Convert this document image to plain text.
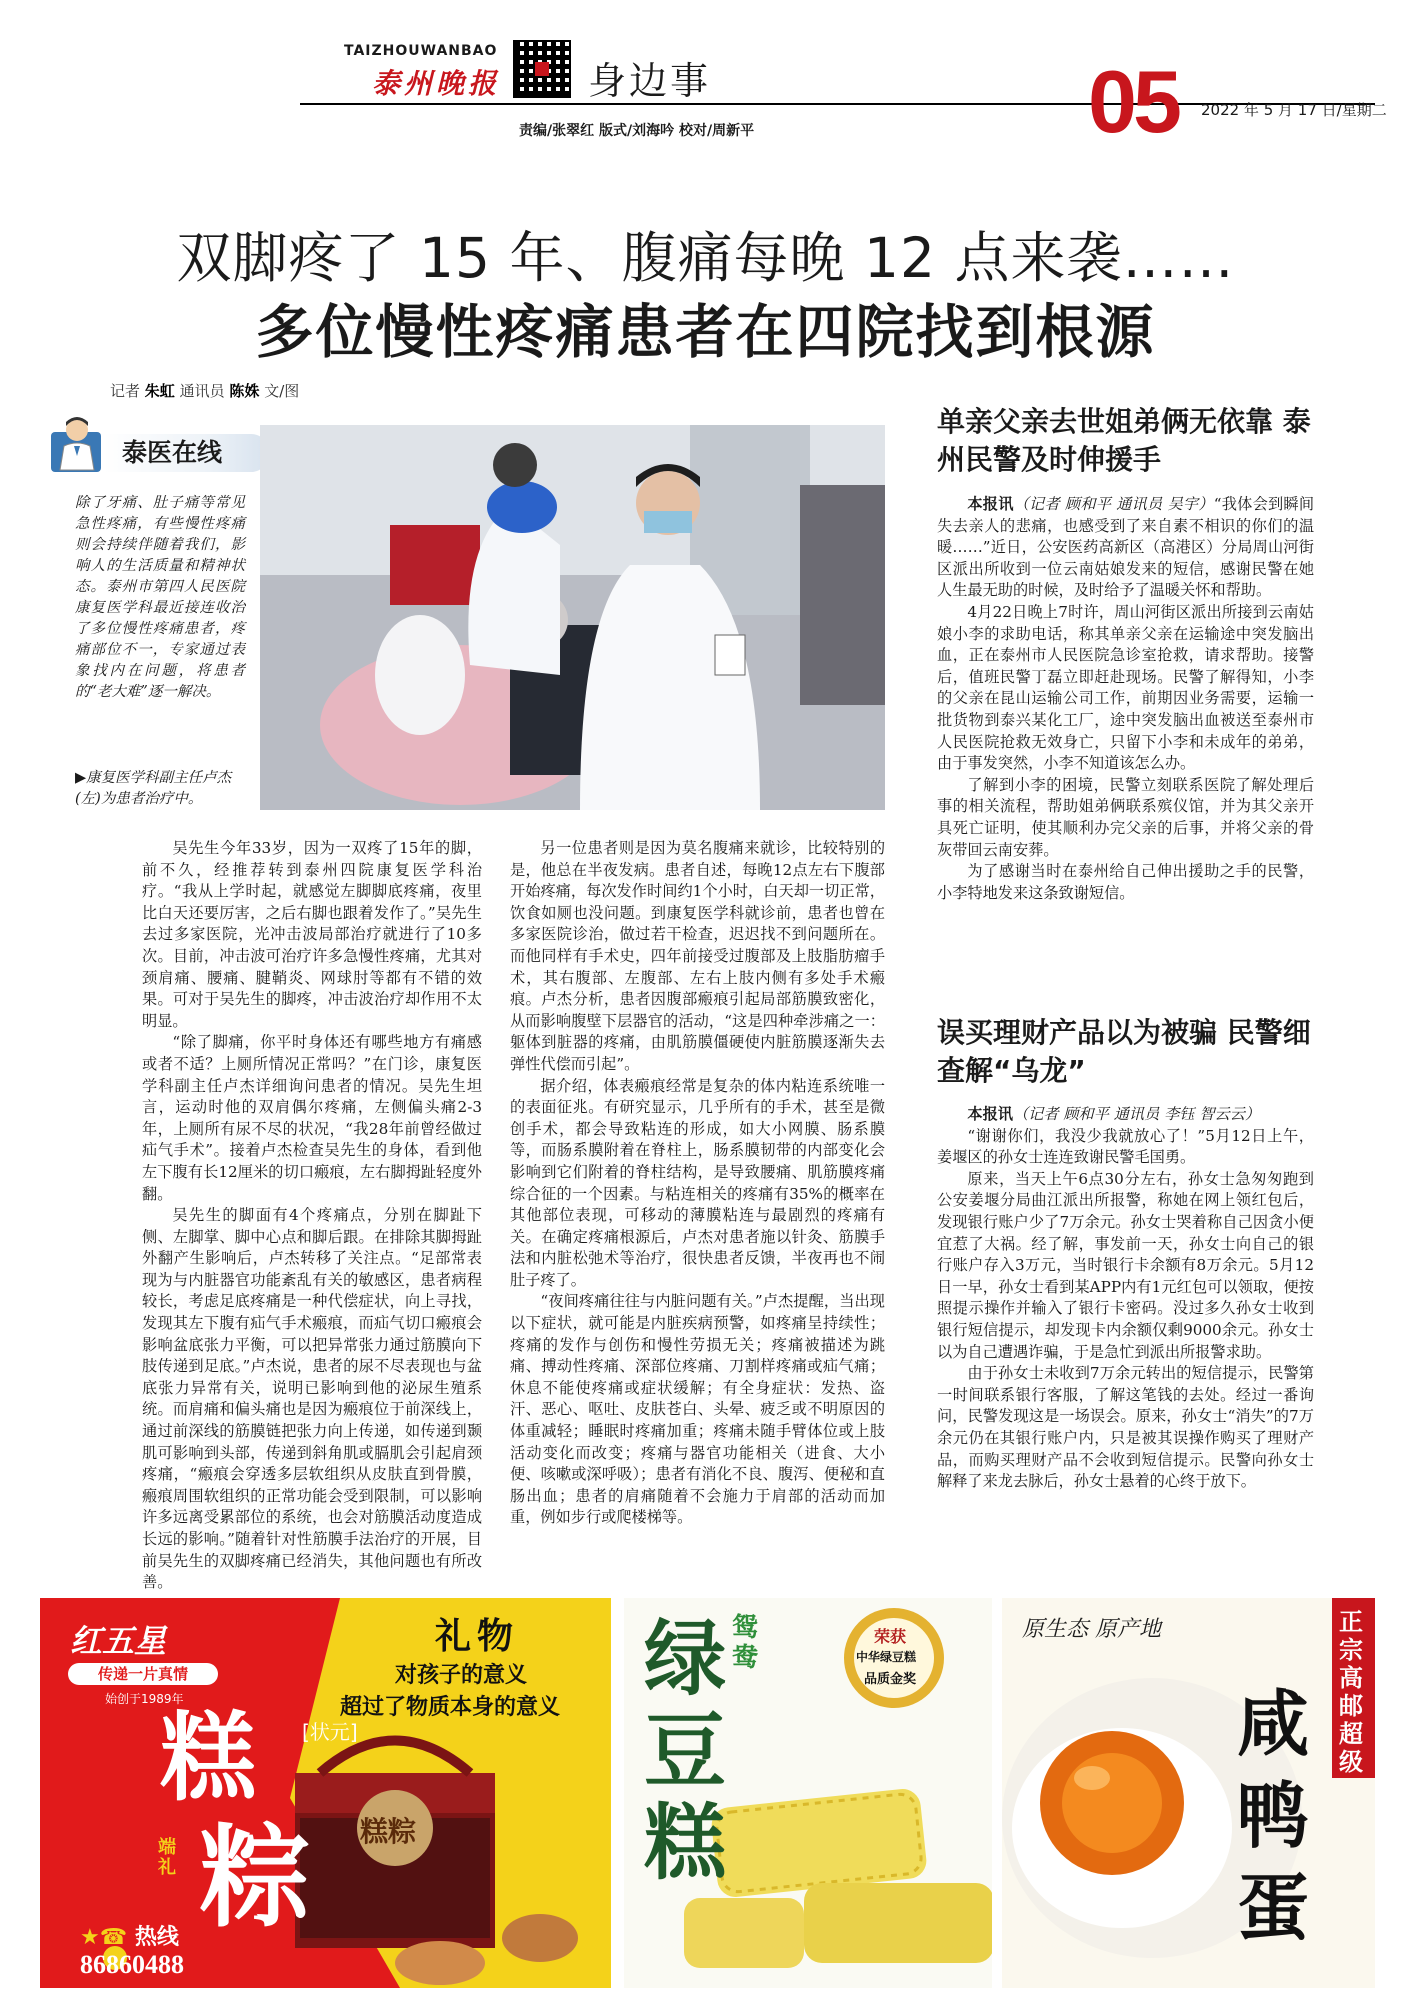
TAIZHOUWANBAO
泰州晚报 身边事
责编/张翠红 版式/刘海吟 校对/周新平	05 2022 年 5 月 17 日/星期二
双脚疼了 15 年、腹痛每晚 12 点来袭……
多位慢性疼痛患者在四院找到根源
记者 朱虹 通讯员 陈姝 文/图
泰医在线

除了牙痛、肚子痛等常见急性疼痛，有些慢性疼痛则会持续伴随着我们，影响人的生活质量和精神状态。泰州市第四人民医院康复医学科最近接连收治了多位慢性疼痛患者，疼痛部位不一，专家通过表象找内在问题，将患者的“老大难”逐一解决。

▶康复医学科副主任卢杰(左)为患者治疗中。

吴先生今年33岁，因为一双疼了15年的脚，前不久，经推荐转到泰州四院康复医学科治疗。“我从上学时起，就感觉左脚脚底疼痛，夜里比白天还要厉害，之后右脚也跟着发作了。”吴先生去过多家医院，光冲击波局部治疗就进行了10多次。目前，冲击波可治疗许多急慢性疼痛，尤其对颈肩痛、腰痛、腱鞘炎、网球肘等都有不错的效果。可对于吴先生的脚疼，冲击波治疗却作用不太明显。

“除了脚痛，你平时身体还有哪些地方有痛感或者不适？上厕所情况正常吗？”在门诊，康复医学科副主任卢杰详细询问患者的情况。吴先生坦言，运动时他的双肩偶尔疼痛，左侧偏头痛2-3年，上厕所有尿不尽的状况，“我28年前曾经做过疝气手术”。接着卢杰检查吴先生的身体，看到他左下腹有长12厘米的切口瘢痕，左右脚拇趾轻度外翻。

吴先生的脚面有4个疼痛点，分别在脚趾下侧、左脚掌、脚中心点和脚后跟。在排除其脚拇趾外翻产生影响后，卢杰转移了关注点。“足部常表现为与内脏器官功能紊乱有关的敏感区，患者病程较长，考虑足底疼痛是一种代偿症状，向上寻找，发现其左下腹有疝气手术瘢痕，而疝气切口瘢痕会影响盆底张力平衡，可以把异常张力通过筋膜向下肢传递到足底。”卢杰说，患者的尿不尽表现也与盆底张力异常有关，说明已影响到他的泌尿生殖系统。而肩痛和偏头痛也是因为瘢痕位于前深线上，通过前深线的筋膜链把张力向上传递，如传递到颞肌可影响到头部，传递到斜角肌或膈肌会引起肩颈疼痛，“瘢痕会穿透多层软组织从皮肤直到骨膜，瘢痕周围软组织的正常功能会受到限制，可以影响许多远离受累部位的系统，也会对筋膜活动度造成长远的影响。”随着针对性筋膜手法治疗的开展，目前吴先生的双脚疼痛已经消失，其他问题也有所改善。

另一位患者则是因为莫名腹痛来就诊，比较特别的是，他总在半夜发病。患者自述，每晚12点左右下腹部开始疼痛，每次发作时间约1个小时，白天却一切正常，饮食如厕也没问题。到康复医学科就诊前，患者也曾在多家医院诊治，做过若干检查，迟迟找不到问题所在。而他同样有手术史，四年前接受过腹部及上肢脂肪瘤手术，其右腹部、左腹部、左右上肢内侧有多处手术瘢痕。卢杰分析，患者因腹部瘢痕引起局部筋膜致密化，从而影响腹壁下层器官的活动，“这是四种牵涉痛之一：躯体到脏器的疼痛，由肌筋膜僵硬使内脏筋膜逐渐失去弹性代偿而引起”。

据介绍，体表瘢痕经常是复杂的体内粘连系统唯一的表面征兆。有研究显示，几乎所有的手术，甚至是微创手术，都会导致粘连的形成，如大小网膜、肠系膜等，而肠系膜附着在脊柱上，肠系膜韧带的内部变化会影响到它们附着的脊柱结构，是导致腰痛、肌筋膜疼痛综合征的一个因素。与粘连相关的疼痛有35%的概率在其他部位表现，可移动的薄膜粘连与最剧烈的疼痛有关。在确定疼痛根源后，卢杰对患者施以针灸、筋膜手法和内脏松弛术等治疗，很快患者反馈，半夜再也不闹肚子疼了。

“夜间疼痛往往与内脏问题有关。”卢杰提醒，当出现以下症状，就可能是内脏疾病预警，如疼痛呈持续性；疼痛的发作与创伤和慢性劳损无关；疼痛被描述为跳痛、搏动性疼痛、深部位疼痛、刀割样疼痛或疝气痛；休息不能使疼痛或症状缓解；有全身症状：发热、盗汗、恶心、呕吐、皮肤苍白、头晕、疲乏或不明原因的体重减轻；睡眠时疼痛加重；疼痛未随手臂体位或上肢活动变化而改变；疼痛与器官功能相关（进食、大小便、咳嗽或深呼吸）；患者有消化不良、腹泻、便秘和直肠出血；患者的肩痛随着不会施力于肩部的活动而加重，例如步行或爬楼梯等。

单亲父亲去世姐弟俩无依靠 泰州民警及时伸援手

本报讯（记者 顾和平 通讯员 吴宇）“我体会到瞬间失去亲人的悲痛，也感受到了来自素不相识的你们的温暖……”近日，公安医药高新区（高港区）分局周山河街区派出所收到一位云南姑娘发来的短信，感谢民警在她人生最无助的时候，及时给予了温暖关怀和帮助。

4月22日晚上7时许，周山河街区派出所接到云南姑娘小李的求助电话，称其单亲父亲在运输途中突发脑出血，正在泰州市人民医院急诊室抢救，请求帮助。接警后，值班民警丁磊立即赶赴现场。民警了解得知，小李的父亲在昆山运输公司工作，前期因业务需要，运输一批货物到泰兴某化工厂，途中突发脑出血被送至泰州市人民医院抢救无效身亡，只留下小李和未成年的弟弟，由于事发突然，小李不知道该怎么办。

了解到小李的困境，民警立刻联系医院了解处理后事的相关流程，帮助姐弟俩联系殡仪馆，并为其父亲开具死亡证明，使其顺利办完父亲的后事，并将父亲的骨灰带回云南安葬。

为了感谢当时在泰州给自己伸出援助之手的民警，小李特地发来这条致谢短信。

误买理财产品以为被骗 民警细查解“乌龙”

本报讯（记者 顾和平 通讯员 李钰 智云云）

“谢谢你们，我没少我就放心了！”5月12日上午，姜堰区的孙女士连连致谢民警毛国勇。

原来，当天上午6点30分左右，孙女士急匆匆跑到公安姜堰分局曲江派出所报警，称她在网上领红包后，发现银行账户少了7万余元。孙女士哭着称自己因贪小便宜惹了大祸。经了解，事发前一天，孙女士向自己的银行账户存入3万元，当时银行卡余额有8万余元。5月12日一早，孙女士看到某APP内有1元红包可以领取，便按照提示操作并输入了银行卡密码。没过多久孙女士收到银行短信提示，却发现卡内余额仅剩9000余元。孙女士以为自己遭遇诈骗，于是急忙到派出所报警求助。

由于孙女士未收到7万余元转出的短信提示，民警第一时间联系银行客服，了解这笔钱的去处。经过一番询问，民警发现这是一场误会。原来，孙女士“消失”的7万余元仍在其银行账户内，只是被其误操作购买了理财产品，而购买理财产品不会收到短信提示。民警向孙女士解释了来龙去脉后，孙女士悬着的心终于放下。

红五星
传递一片真情
始创于1989年
礼物
对孩子的意义
超过了物质本身的意义
糕
粽
[状元]
端礼
糕粽
★☎ 热线
86860488
绿豆糕
鸳鸯
荣获
中华绿豆糕
品质金奖
原生态 原产地	正宗高邮超级
咸鸭蛋
